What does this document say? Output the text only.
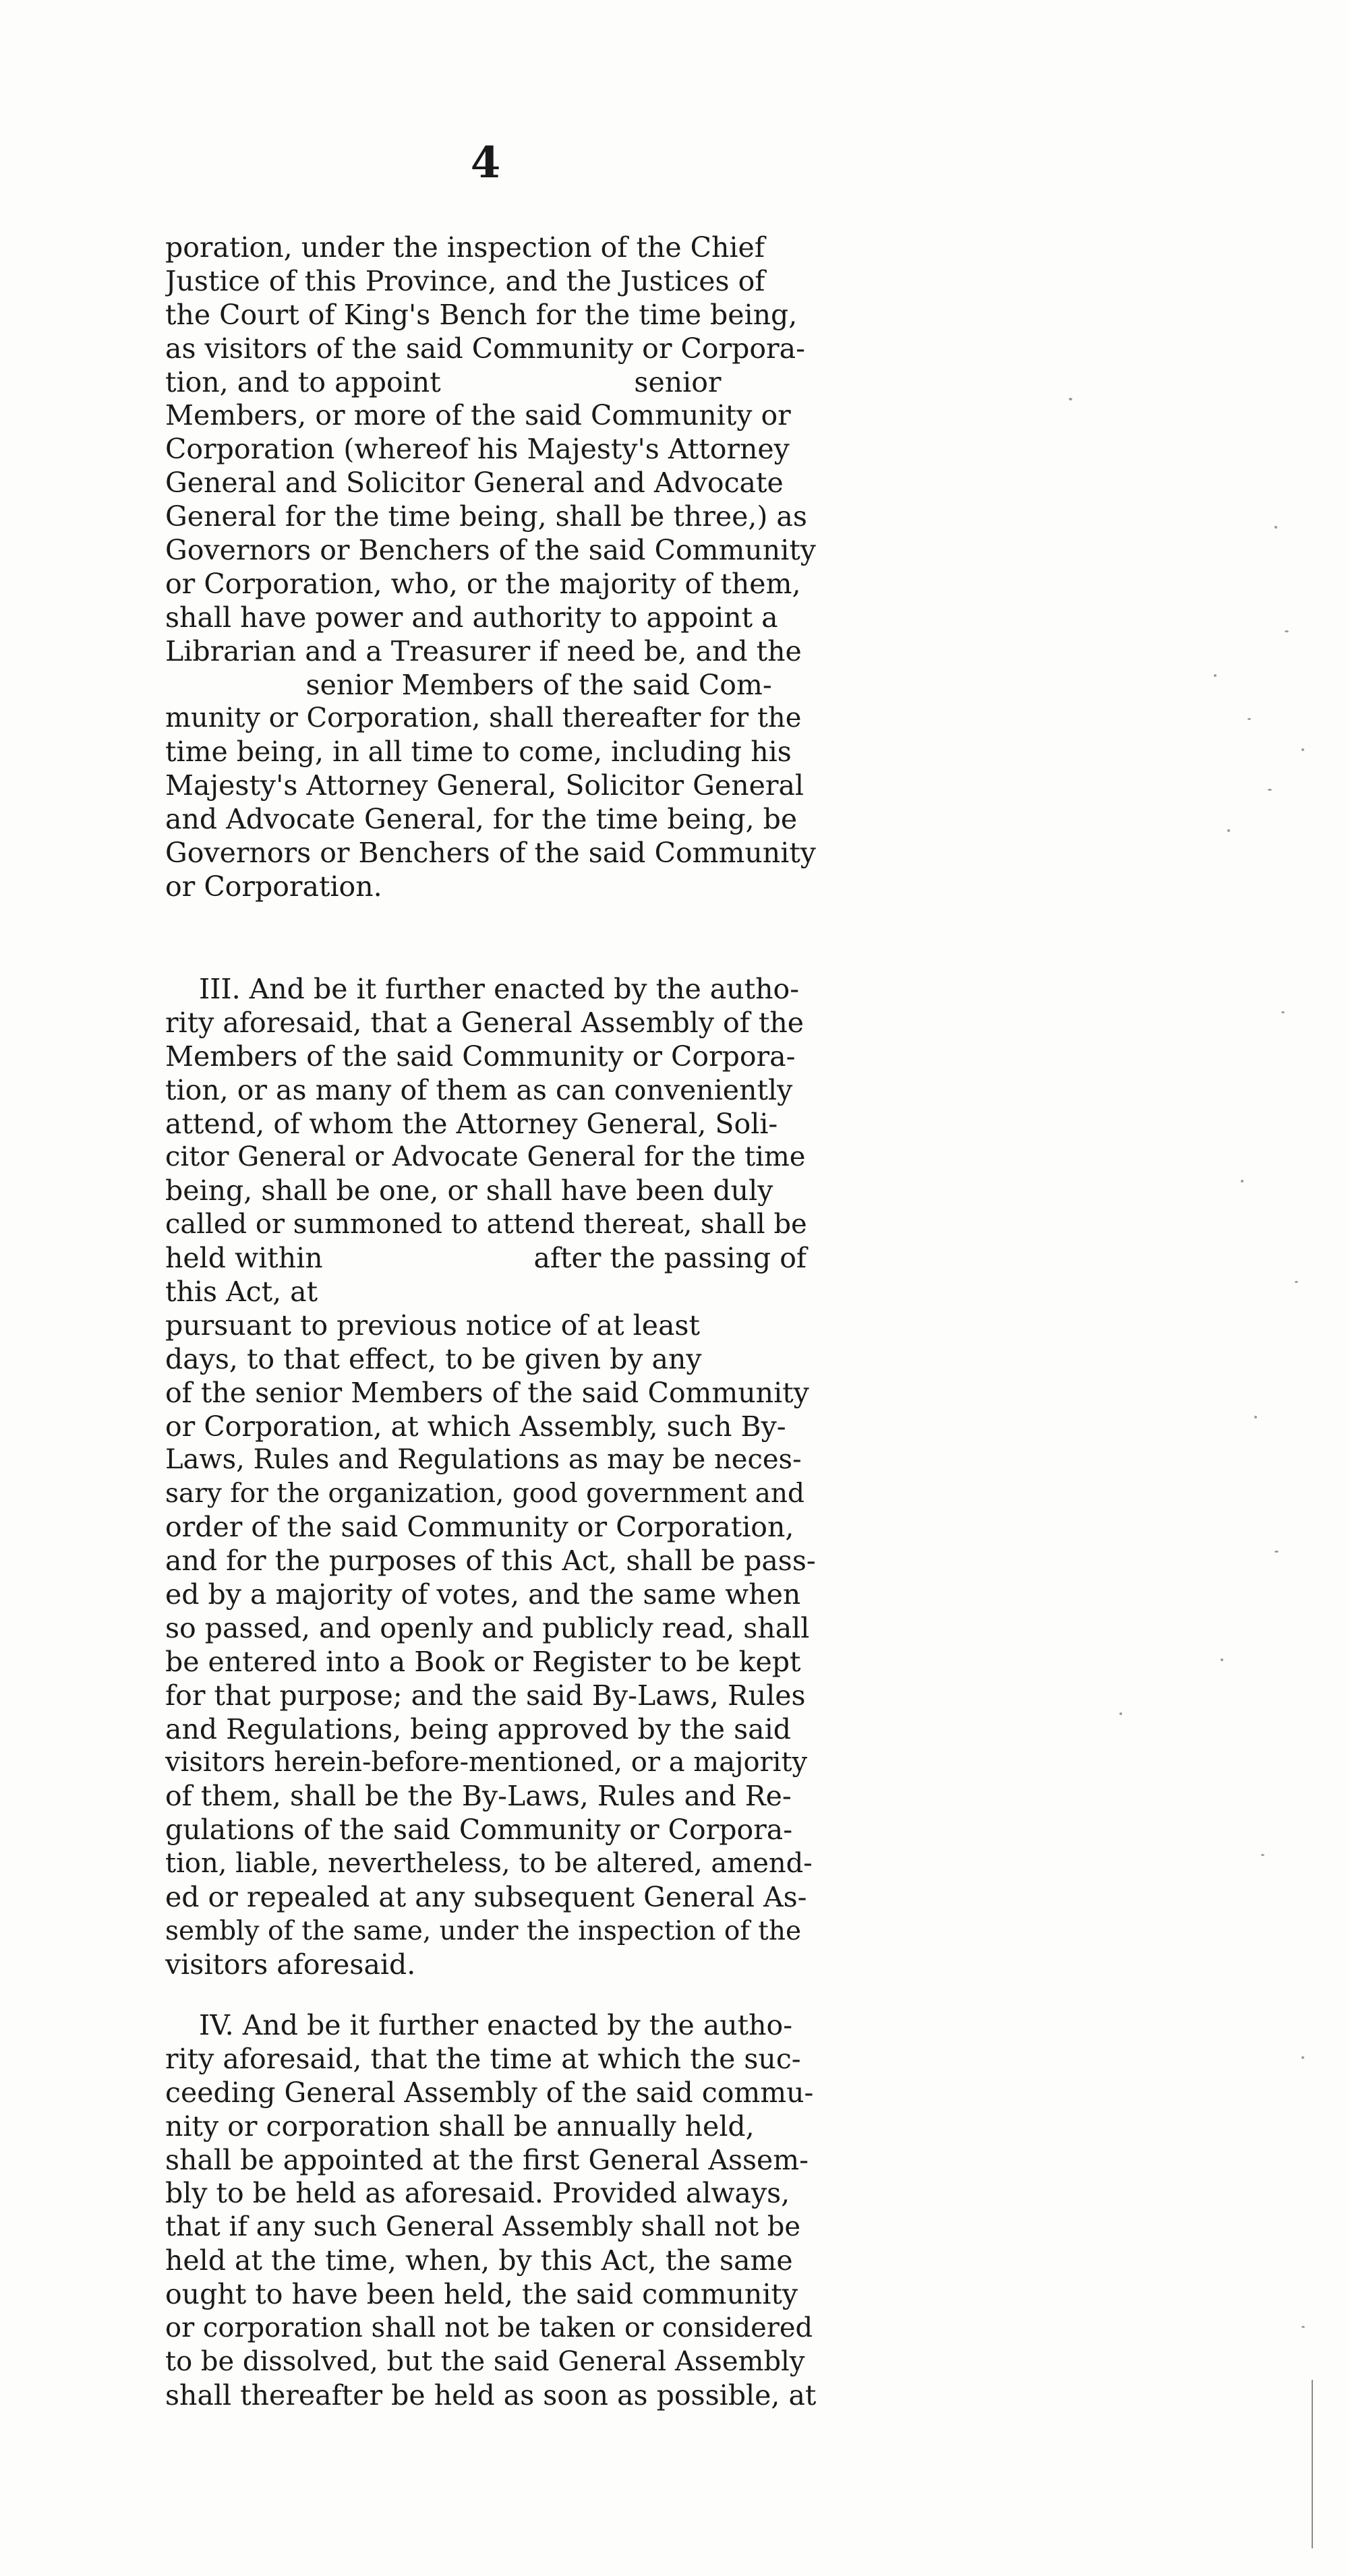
4
poration, under the inspection of the Chief
Justice of this Province, and the Justices of
the Court of King's Bench for the time being,
as visitors of the said Community or Corpora-
tion, and to appoint                      senior
Members, or more of the said Community or
Corporation (whereof his Majesty's Attorney
General and Solicitor General and Advocate
General for the time being, shall be three,) as
Governors or Benchers of the said Community
or Corporation, who, or the majority of them,
shall have power and authority to appoint a
Librarian and a Treasurer if need be, and the
senior Members of the said Com-
munity or Corporation, shall thereafter for the
time being, in all time to come, including his
Majesty's Attorney General, Solicitor General
and Advocate General, for the time being, be
Governors or Benchers of the said Community
or Corporation.
III. And be it further enacted by the autho-
rity aforesaid, that a General Assembly of the
Members of the said Community or Corpora-
tion, or as many of them as can conveniently
attend, of whom the Attorney General, Soli-
citor General or Advocate General for the time
being, shall be one, or shall have been duly
called or summoned to attend thereat, shall be
held within                        after the passing of
this Act, at
pursuant to previous notice of at least
days, to that effect, to be given by any
of the senior Members of the said Community
or Corporation, at which Assembly, such By-
Laws, Rules and Regulations as may be neces-
sary for the organization, good government and
order of the said Community or Corporation,
and for the purposes of this Act, shall be pass-
ed by a majority of votes, and the same when
so passed, and openly and publicly read, shall
be entered into a Book or Register to be kept
for that purpose; and the said By-Laws, Rules
and Regulations, being approved by the said
visitors herein-before-mentioned, or a majority
of them, shall be the By-Laws, Rules and Re-
gulations of the said Community or Corpora-
tion, liable, nevertheless, to be altered, amend-
ed or repealed at any subsequent General As-
sembly of the same, under the inspection of the
visitors aforesaid.
IV. And be it further enacted by the autho-
rity aforesaid, that the time at which the suc-
ceeding General Assembly of the said commu-
nity or corporation shall be annually held,
shall be appointed at the first General Assem-
bly to be held as aforesaid. Provided always,
that if any such General Assembly shall not be
held at the time, when, by this Act, the same
ought to have been held, the said community
or corporation shall not be taken or considered
to be dissolved, but the said General Assembly
shall thereafter be held as soon as possible, at
